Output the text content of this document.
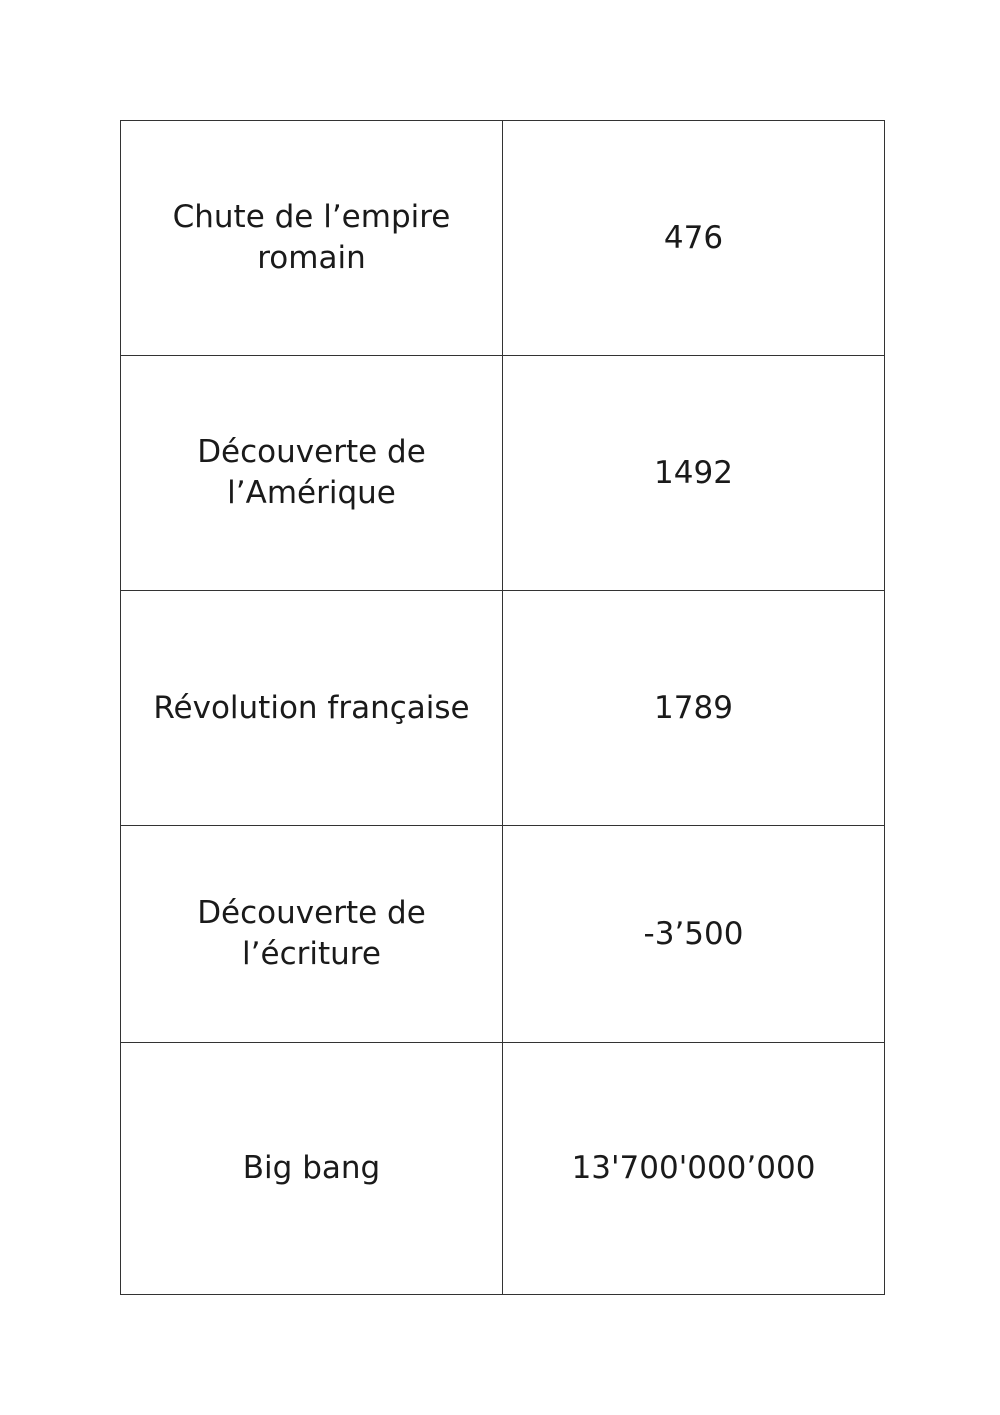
Chute de l’empire
romain	476
Découverte de
l’Amérique	1492
Révolution française	1789
Découverte de
l’écriture	-3’500
Big bang	13'700'000’000
